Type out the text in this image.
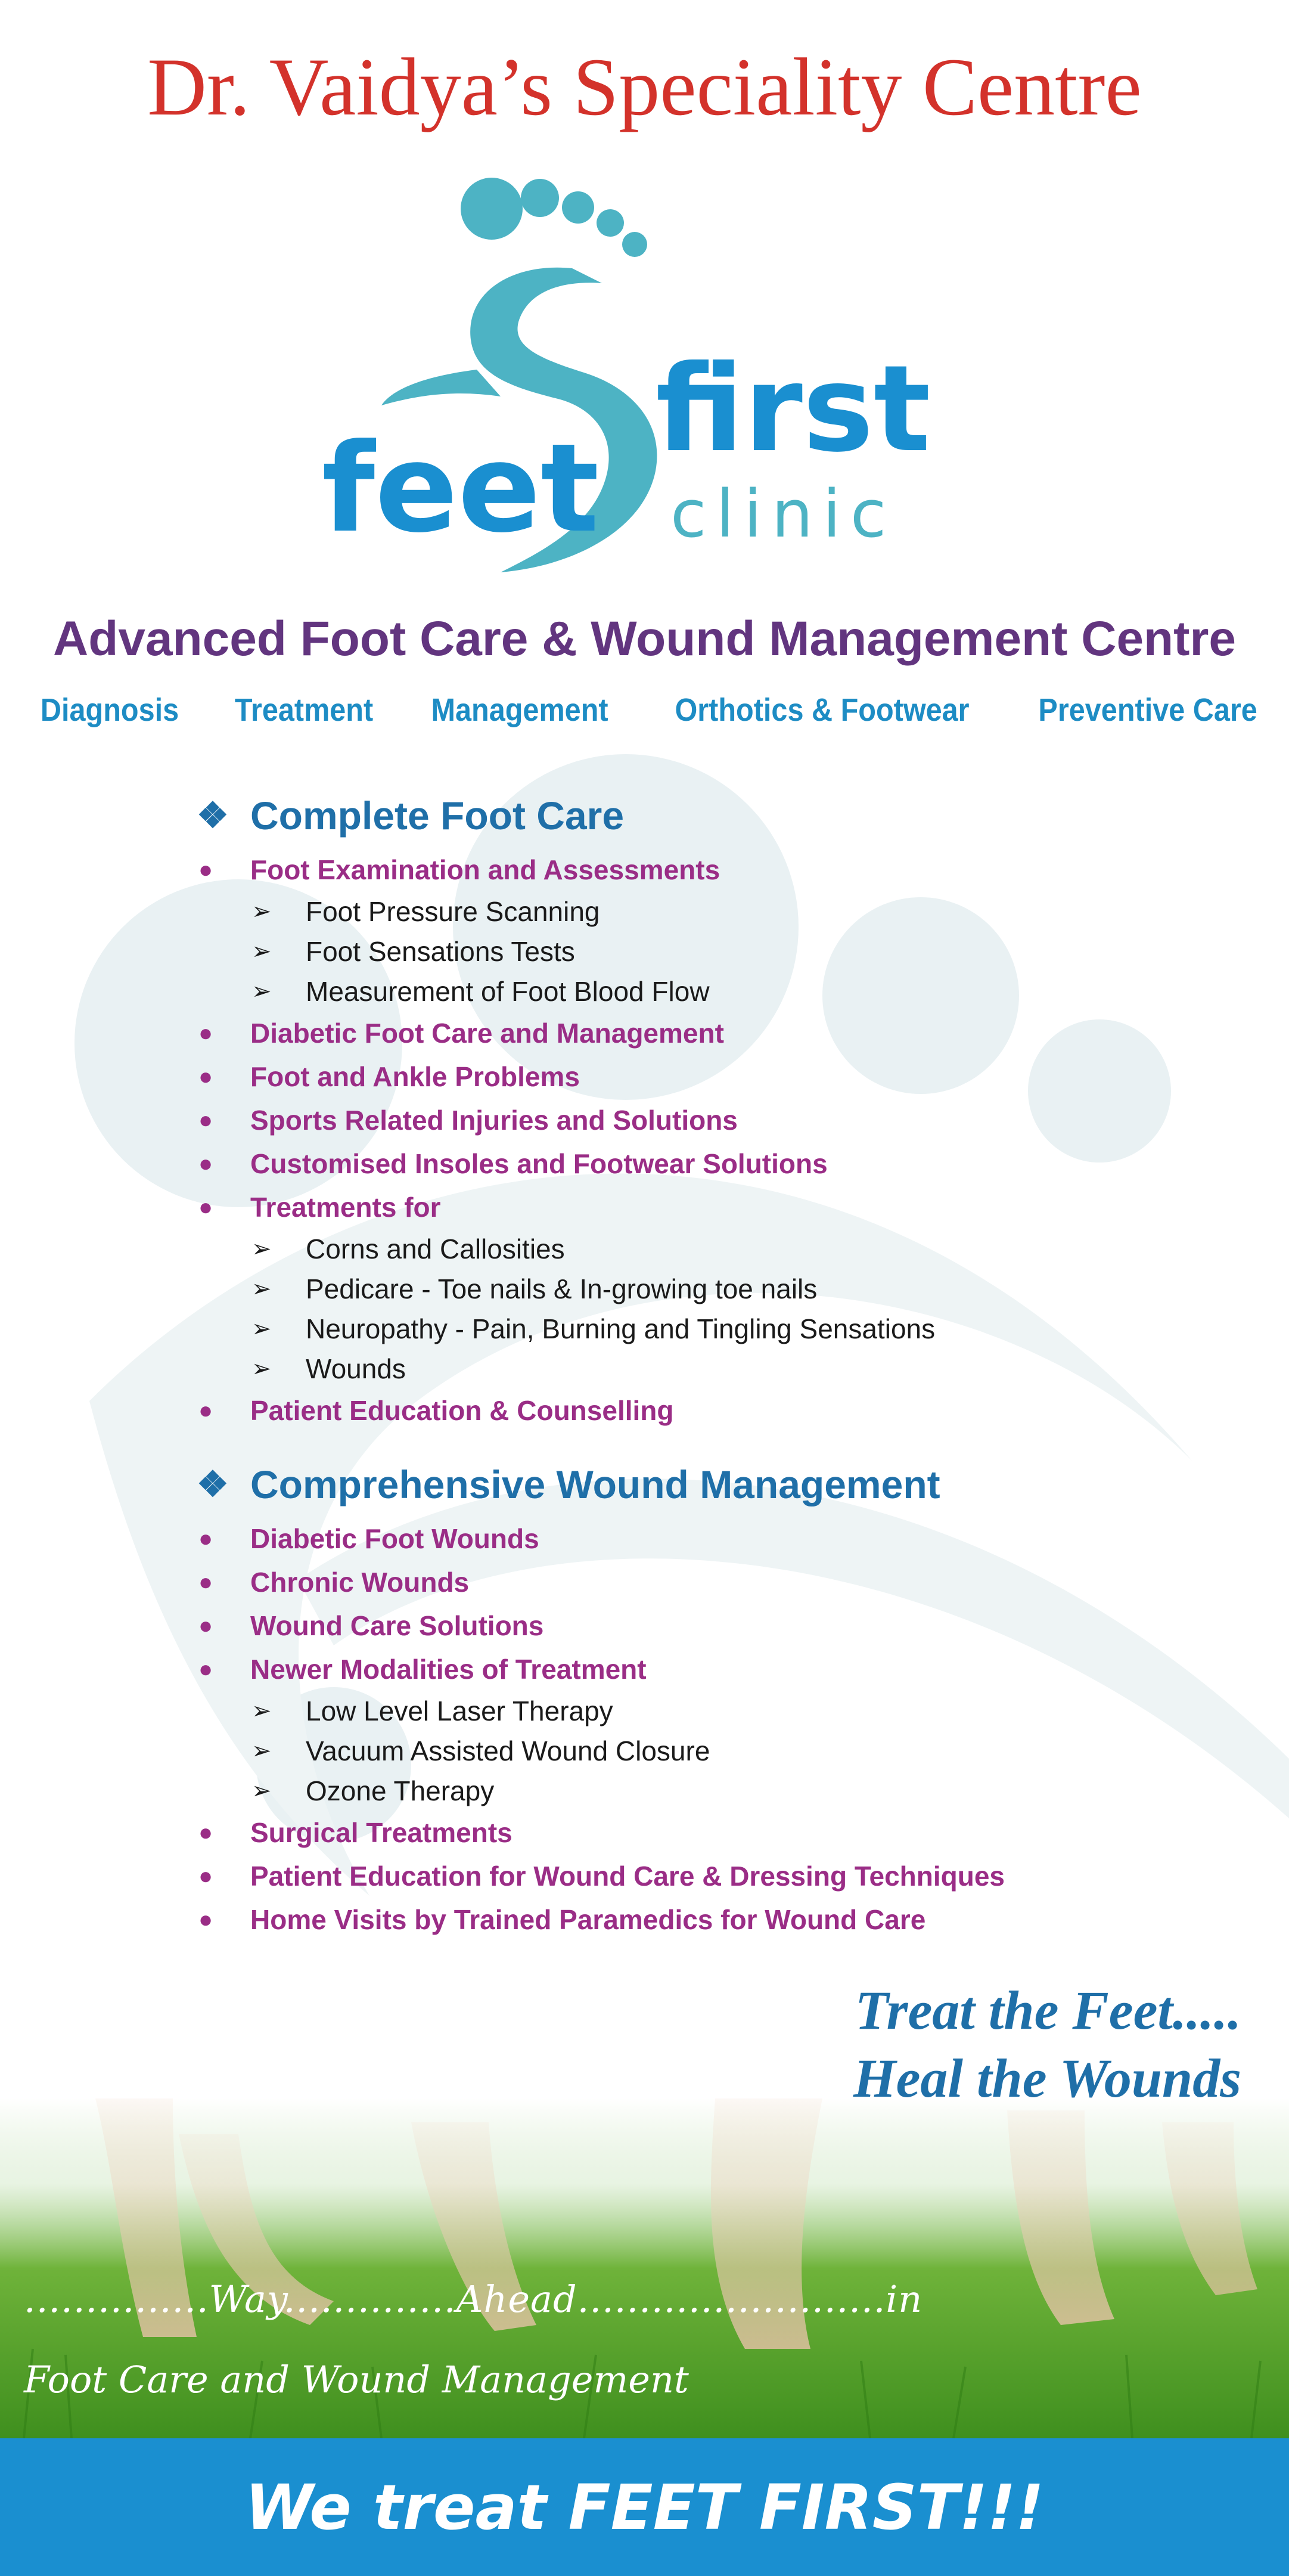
Dr. Vaidya’s Speciality Centre
feet
first
clinic
Advanced Foot Care & Wound Management Centre
Diagnosis Treatment Management Orthotics & Footwear Preventive Care
❖ Complete Foot Care
● Foot Examination and Assessments
➢ Foot Pressure Scanning
➢ Foot Sensations Tests
➢ Measurement of Foot Blood Flow
● Diabetic Foot Care and Management
● Foot and Ankle Problems
● Sports Related Injuries and Solutions
● Customised Insoles and Footwear Solutions
● Treatments for
➢ Corns and Callosities
➢ Pedicare - Toe nails & In-growing toe nails
➢ Neuropathy - Pain, Burning and Tingling Sensations
➢ Wounds
● Patient Education & Counselling
❖ Comprehensive Wound Management
● Diabetic Foot Wounds
● Chronic Wounds
● Wound Care Solutions
● Newer Modalities of Treatment
➢ Low Level Laser Therapy
➢ Vacuum Assisted Wound Closure
➢ Ozone Therapy
● Surgical Treatments
● Patient Education for Wound Care & Dressing Techniques
● Home Visits by Trained Paramedics for Wound Care
Treat the Feet.....
Heal the Wounds
...............Way..............Ahead.........................in
Foot Care and Wound Management
We treat FEET FIRST!!!
